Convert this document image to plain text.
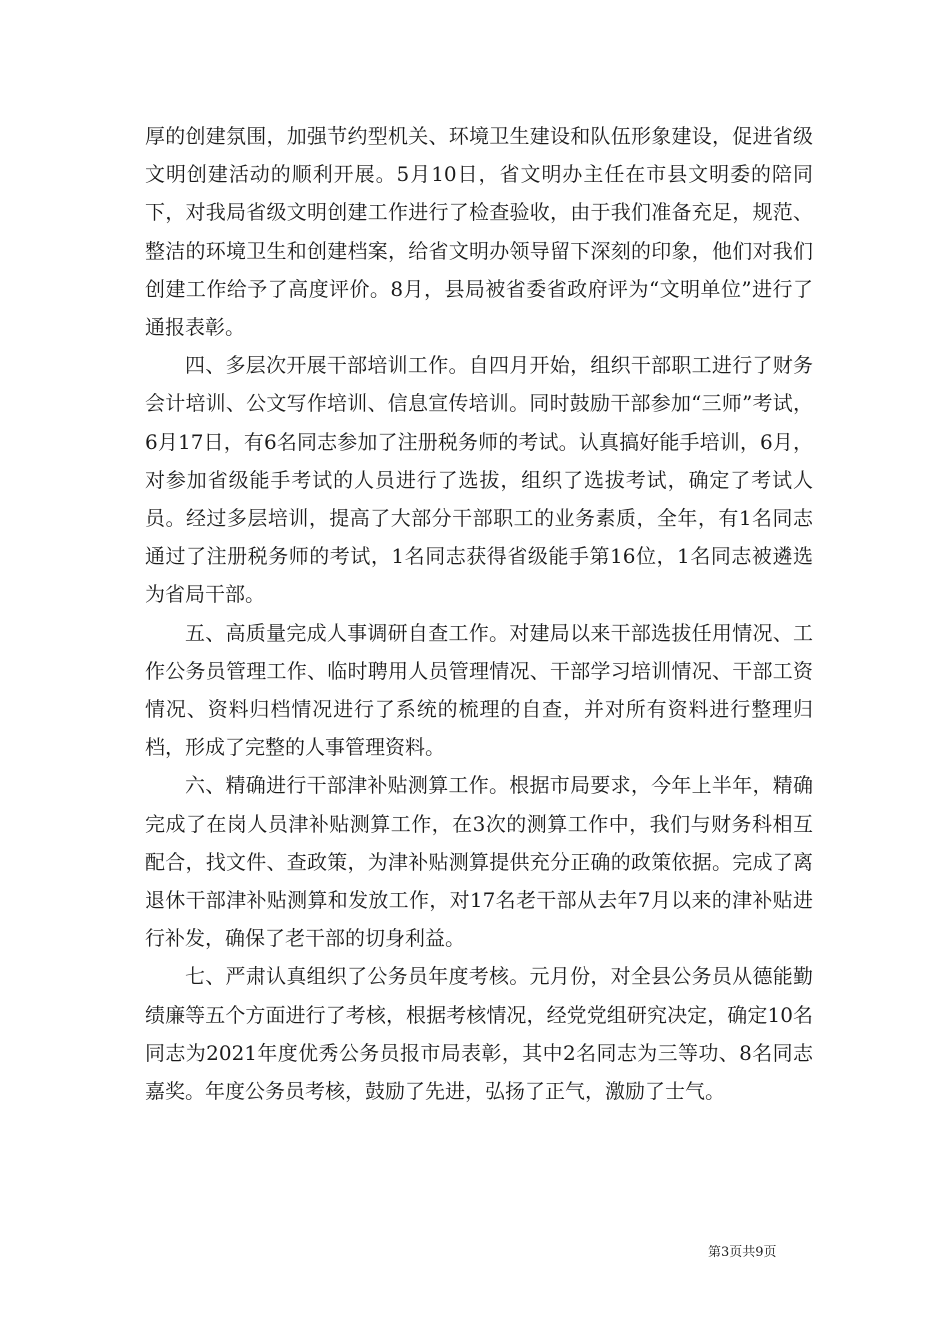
厚的创建氛围，加强节约型机关、环境卫生建设和队伍形象建设，促进省级文明创建活动的顺利开展。5月10日，省文明办主任在市县文明委的陪同下，对我局省级文明创建工作进行了检查验收，由于我们准备充足，规范、整洁的环境卫生和创建档案，给省文明办领导留下深刻的印象，他们对我们创建工作给予了高度评价。8月，县局被省委省政府评为“文明单位”进行了通报表彰。

四、多层次开展干部培训工作。自四月开始，组织干部职工进行了财务会计培训、公文写作培训、信息宣传培训。同时鼓励干部参加“三师”考试，6月17日，有6名同志参加了注册税务师的考试。认真搞好能手培训，6月，对参加省级能手考试的人员进行了选拔，组织了选拔考试，确定了考试人员。经过多层培训，提高了大部分干部职工的业务素质，全年，有1名同志通过了注册税务师的考试，1名同志获得省级能手第16位，1名同志被遴选为省局干部。

五、高质量完成人事调研自查工作。对建局以来干部选拔任用情况、工作公务员管理工作、临时聘用人员管理情况、干部学习培训情况、干部工资情况、资料归档情况进行了系统的梳理的自查，并对所有资料进行整理归档，形成了完整的人事管理资料。

六、精确进行干部津补贴测算工作。根据市局要求，今年上半年，精确完成了在岗人员津补贴测算工作，在3次的测算工作中，我们与财务科相互配合，找文件、查政策，为津补贴测算提供充分正确的政策依据。完成了离退休干部津补贴测算和发放工作，对17名老干部从去年7月以来的津补贴进行补发，确保了老干部的切身利益。

七、严肃认真组织了公务员年度考核。元月份，对全县公务员从德能勤绩廉等五个方面进行了考核，根据考核情况，经党党组研究决定，确定10名同志为2021年度优秀公务员报市局表彰，其中2名同志为三等功、8名同志嘉奖。年度公务员考核，鼓励了先进，弘扬了正气，激励了士气。

第3页共9页
